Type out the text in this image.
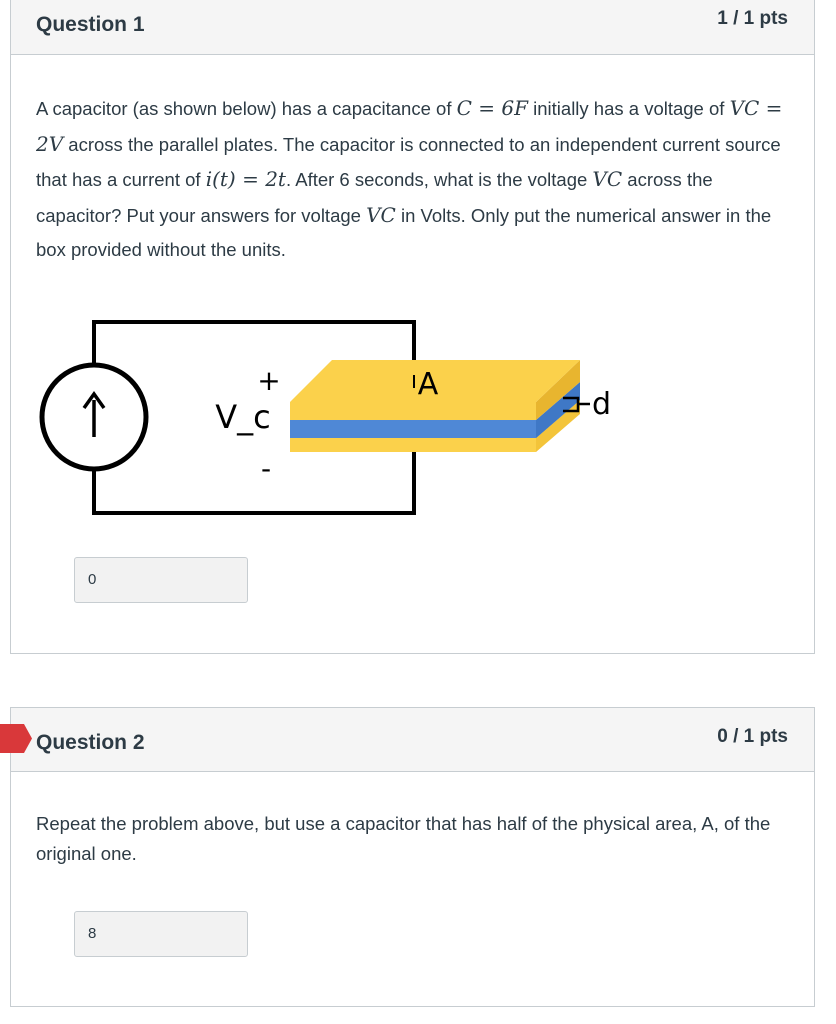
Question 1	1 / 1 pts
A capacitor (as shown below) has a capacitance of C = 6F initially has a voltage of VC = 2V across the parallel plates. The capacitor is connected to an independent current source that has a current of i(t) = 2t. After 6 seconds, what is the voltage VC across the capacitor? Put your answers for voltage VC in Volts. Only put the numerical answer in the box provided without the units.
0
+
V_c
-
A
d
Question 2	0 / 1 pts
Repeat the problem above, but use a capacitor that has half of the physical area, A, of the original one.
8
